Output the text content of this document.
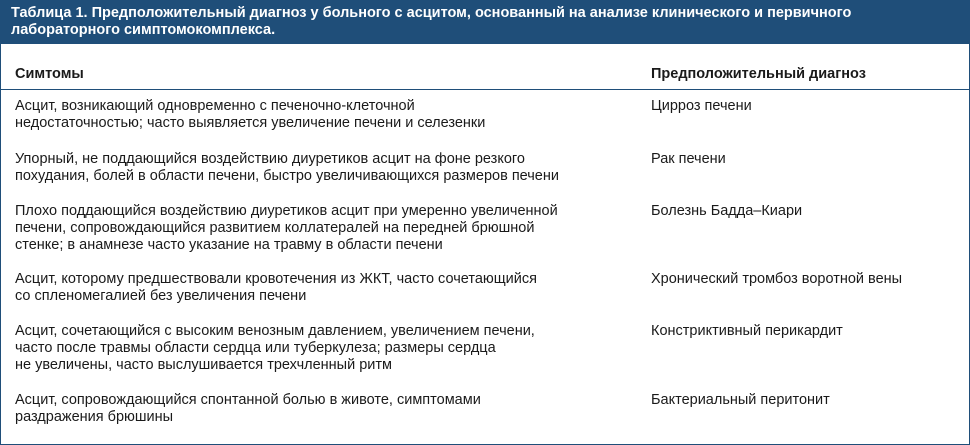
Таблица 1. Предположительный диагноз у больного с асцитом, основанный на анализе клинического и первичного
лабораторного симптомокомплекса.
Симтомы	Предположительный диагноз
Асцит, возникающий одновременно с печеночно-клеточной
недостаточностью; часто выявляется увеличение печени и селезенки
Цирроз печени
Упорный, не поддающийся воздействию диуретиков асцит на фоне резкого
похудания, болей в области печени, быстро увеличивающихся размеров печени
Рак печени
Плохо поддающийся воздействию диуретиков асцит при умеренно увеличенной
печени, сопровождающийся развитием коллатералей на передней брюшной
стенке; в анамнезе часто указание на травму в области печени
Болезнь Бадда–Киари
Асцит, которому предшествовали кровотечения из ЖКТ, часто сочетающийся
со спленомегалией без увеличения печени
Хронический тромбоз воротной вены
Асцит, сочетающийся с высоким венозным давлением, увеличением печени,
часто после травмы области сердца или туберкулеза; размеры сердца
не увеличены, часто выслушивается трехчленный ритм
Констриктивный перикардит
Асцит, сопровождающийся спонтанной болью в животе, симптомами
раздражения брюшины
Бактериальный перитонит
